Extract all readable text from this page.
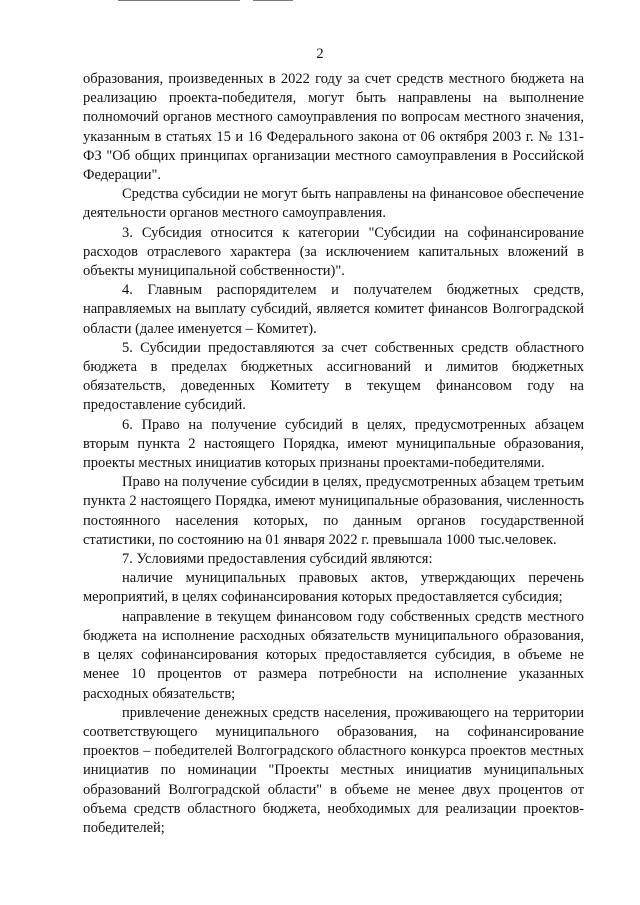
2

образования, произведенных в 2022 году за счет средств местного бюджета на реализацию проекта-победителя, могут быть направлены на выполнение полномочий органов местного самоуправления по вопросам местного значения, указанным в статьях 15 и 16 Федерального закона от 06 октября 2003 г. № 131-ФЗ "Об общих принципах организации местного самоуправления в Российской Федерации".

Средства субсидии не могут быть направлены на финансовое обеспечение деятельности органов местного самоуправления.

3. Субсидия относится к категории "Субсидии на софинансирование расходов отраслевого характера (за исключением капитальных вложений в объекты муниципальной собственности)".

4. Главным распорядителем и получателем бюджетных средств, направляемых на выплату субсидий, является комитет финансов Волгоградской области (далее именуется – Комитет).

5. Субсидии предоставляются за счет собственных средств областного бюджета в пределах бюджетных ассигнований и лимитов бюджетных обязательств, доведенных Комитету в текущем финансовом году на предоставление субсидий.

6. Право на получение субсидий в целях, предусмотренных абзацем вторым пункта 2 настоящего Порядка, имеют муниципальные образования, проекты местных инициатив которых признаны проектами-победителями.

Право на получение субсидии в целях, предусмотренных абзацем третьим пункта 2 настоящего Порядка, имеют муниципальные образования, численность постоянного населения которых, по данным органов государственной статистики, по состоянию на 01 января 2022 г. превышала 1000 тыс.человек.

7. Условиями предоставления субсидий являются:

наличие муниципальных правовых актов, утверждающих перечень мероприятий, в целях софинансирования которых предоставляется субсидия;

направление в текущем финансовом году собственных средств местного бюджета на исполнение расходных обязательств муниципального образования, в целях софинансирования которых предоставляется субсидия, в объеме не менее 10 процентов от размера потребности на исполнение указанных расходных обязательств;

привлечение денежных средств населения, проживающего на территории соответствующего муниципального образования, на софинансирование проектов – победителей Волгоградского областного конкурса проектов местных инициатив по номинации "Проекты местных инициатив муниципальных образований Волгоградской области" в объеме не менее двух процентов от объема средств областного бюджета, необходимых для реализации проектов-победителей;
